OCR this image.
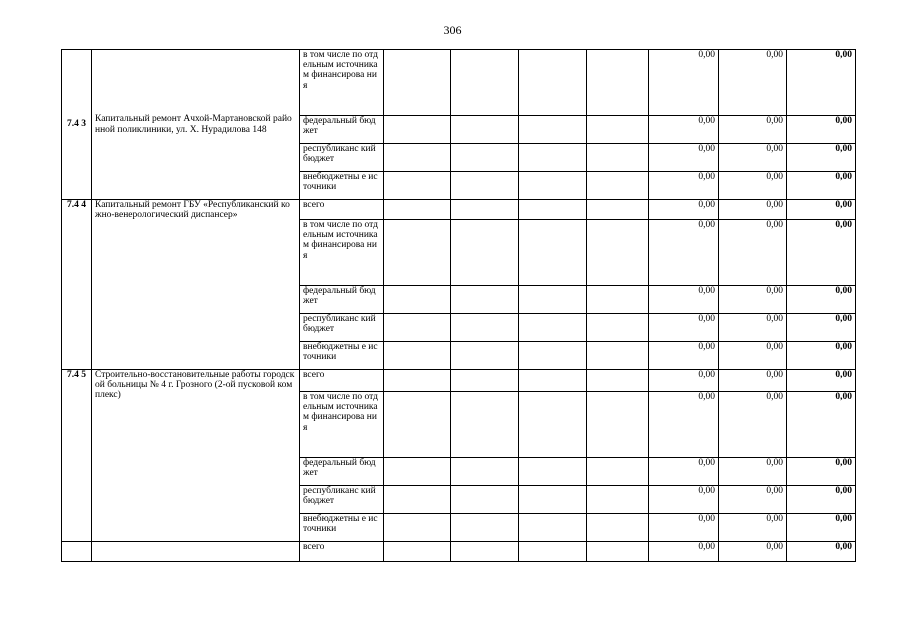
306
7.4 3	Капитальный ремонт Ачхой-Мартановской районной поликлиники, ул. Х. Нурадилова 148	в том числе по отдельным источникам финансирова ния					0,00	0,00	0,00
		федеральный бюджет					0,00	0,00	0,00
		республиканс кий бюджет					0,00	0,00	0,00
		внебюджетны е источники					0,00	0,00	0,00
7.4 4	Капитальный ремонт ГБУ «Республиканский кожно-венерологический диспансер»	всего					0,00	0,00	0,00
		в том числе по отдельным источникам финансирова ния					0,00	0,00	0,00
		федеральный бюджет					0,00	0,00	0,00
		республиканс кий бюджет					0,00	0,00	0,00
		внебюджетны е источники					0,00	0,00	0,00
7.4 5	Строительно-восстановительные работы городской больницы № 4 г. Грозного (2-ой пусковой комплекс)	всего					0,00	0,00	0,00
		в том числе по отдельным источникам финансирова ния					0,00	0,00	0,00
		федеральный бюджет					0,00	0,00	0,00
		республиканс кий бюджет					0,00	0,00	0,00
		внебюджетны е источники					0,00	0,00	0,00
		всего					0,00	0,00	0,00
